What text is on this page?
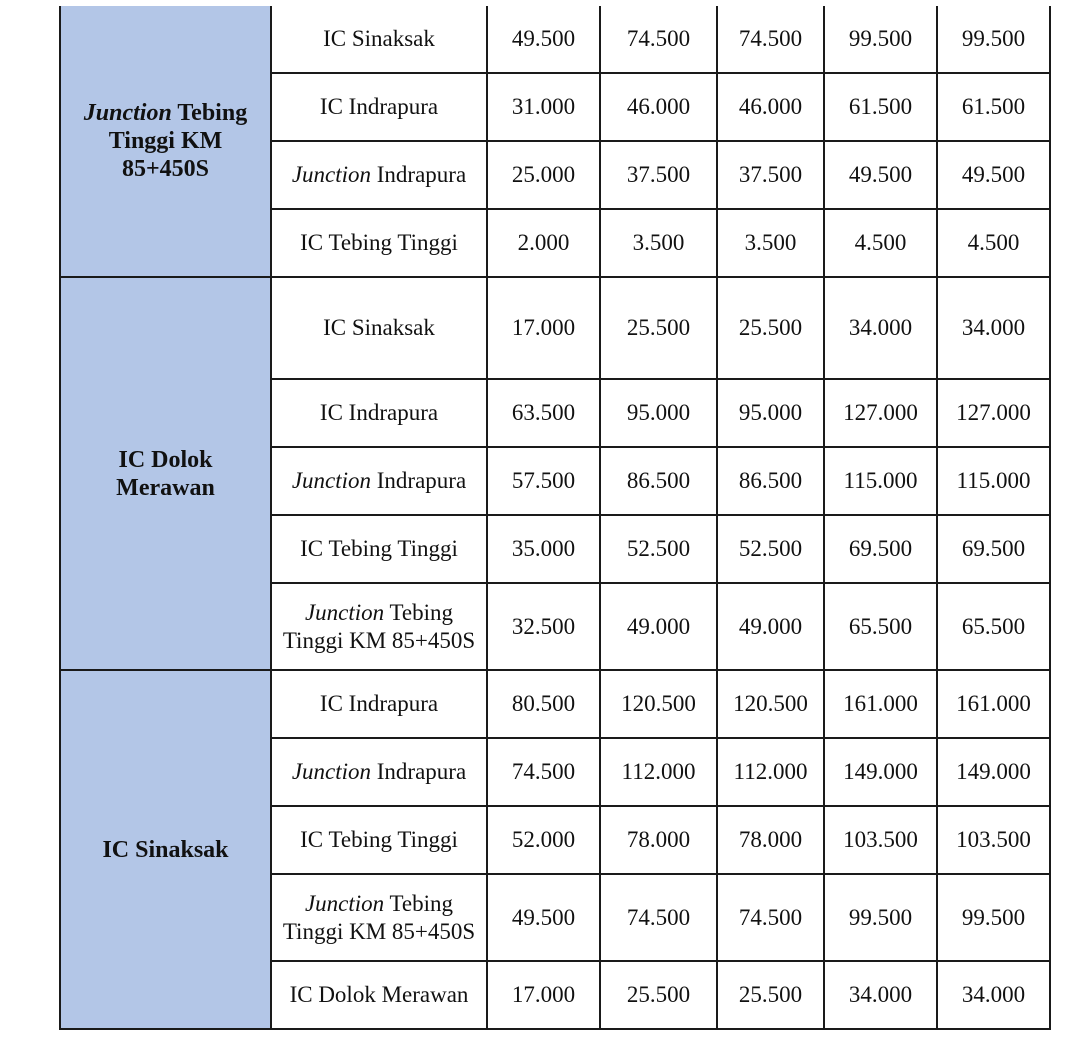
Junction Tebing Tinggi KM 85+450S	IC Sinaksak	49.500	74.500	74.500	99.500	99.500
	IC Indrapura	31.000	46.000	46.000	61.500	61.500
	Junction Indrapura	25.000	37.500	37.500	49.500	49.500
	IC Tebing Tinggi	2.000	3.500	3.500	4.500	4.500
IC Dolok Merawan	IC Sinaksak	17.000	25.500	25.500	34.000	34.000
	IC Indrapura	63.500	95.000	95.000	127.000	127.000
	Junction Indrapura	57.500	86.500	86.500	115.000	115.000
	IC Tebing Tinggi	35.000	52.500	52.500	69.500	69.500
	Junction Tebing Tinggi KM 85+450S	32.500	49.000	49.000	65.500	65.500
IC Sinaksak	IC Indrapura	80.500	120.500	120.500	161.000	161.000
	Junction Indrapura	74.500	112.000	112.000	149.000	149.000
	IC Tebing Tinggi	52.000	78.000	78.000	103.500	103.500
	Junction Tebing Tinggi KM 85+450S	49.500	74.500	74.500	99.500	99.500
	IC Dolok Merawan	17.000	25.500	25.500	34.000	34.000
